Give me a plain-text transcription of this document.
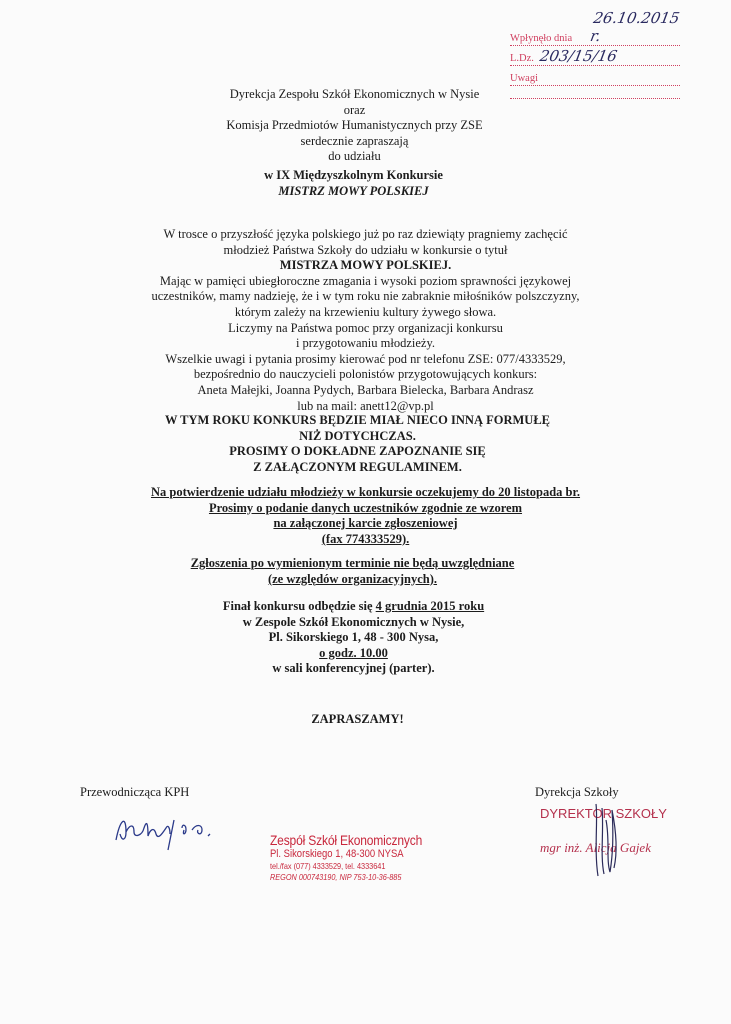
Wpłynęło dnia
26.10.2015 r.
L.Dz. 203/15/16
Uwagi
Dyrekcja Zespołu Szkół Ekonomicznych w Nysie
oraz
Komisja Przedmiotów Humanistycznych przy ZSE
serdecznie zapraszają
do udziału
w IX Międzyszkolnym Konkursie
MISTRZ MOWY POLSKIEJ
W trosce o przyszłość języka polskiego już po raz dziewiąty pragniemy zachęcić
młodzież Państwa Szkoły do udziału w konkursie o tytuł
MISTRZA MOWY POLSKIEJ.
Mając w pamięci ubiegłoroczne zmagania i wysoki poziom sprawności językowej
uczestników, mamy nadzieję, że i w tym roku nie zabraknie miłośników polszczyzny,
którym zależy na krzewieniu kultury żywego słowa.
Liczymy na Państwa pomoc przy organizacji konkursu
i przygotowaniu młodzieży.
Wszelkie uwagi i pytania prosimy kierować pod nr telefonu ZSE: 077/4333529,
bezpośrednio do nauczycieli polonistów przygotowujących konkurs:
Aneta Małejki, Joanna Pydych, Barbara Bielecka, Barbara Andrasz
lub na mail: anett12@vp.pl
W TYM ROKU KONKURS BĘDZIE MIAŁ NIECO INNĄ FORMUŁĘ
NIŻ DOTYCHCZAS.
PROSIMY O DOKŁADNE ZAPOZNANIE SIĘ
Z ZAŁĄCZONYM REGULAMINEM.
Na potwierdzenie udziału młodzieży w konkursie oczekujemy do 20 listopada br.
Prosimy o podanie danych uczestników zgodnie ze wzorem
na załączonej karcie zgłoszeniowej
(fax 774333529).
Zgłoszenia po wymienionym terminie nie będą uwzględniane
(ze względów organizacyjnych).
Finał konkursu odbędzie się 4 grudnia 2015 roku
w Zespole Szkół Ekonomicznych w Nysie,
Pl. Sikorskiego 1, 48 - 300 Nysa,
o godz. 10.00
w sali konferencyjnej (parter).
ZAPRASZAMY!
Przewodnicząca KPH	Dyrekcja Szkoły
Zespół Szkół Ekonomicznych
Pl. Sikorskiego 1, 48-300 NYSA
tel./fax (077) 4333529, tel. 4333641
REGON 000743190, NIP 753-10-36-885
DYREKTOR SZKOŁY
mgr inż. Alicja Gajek
